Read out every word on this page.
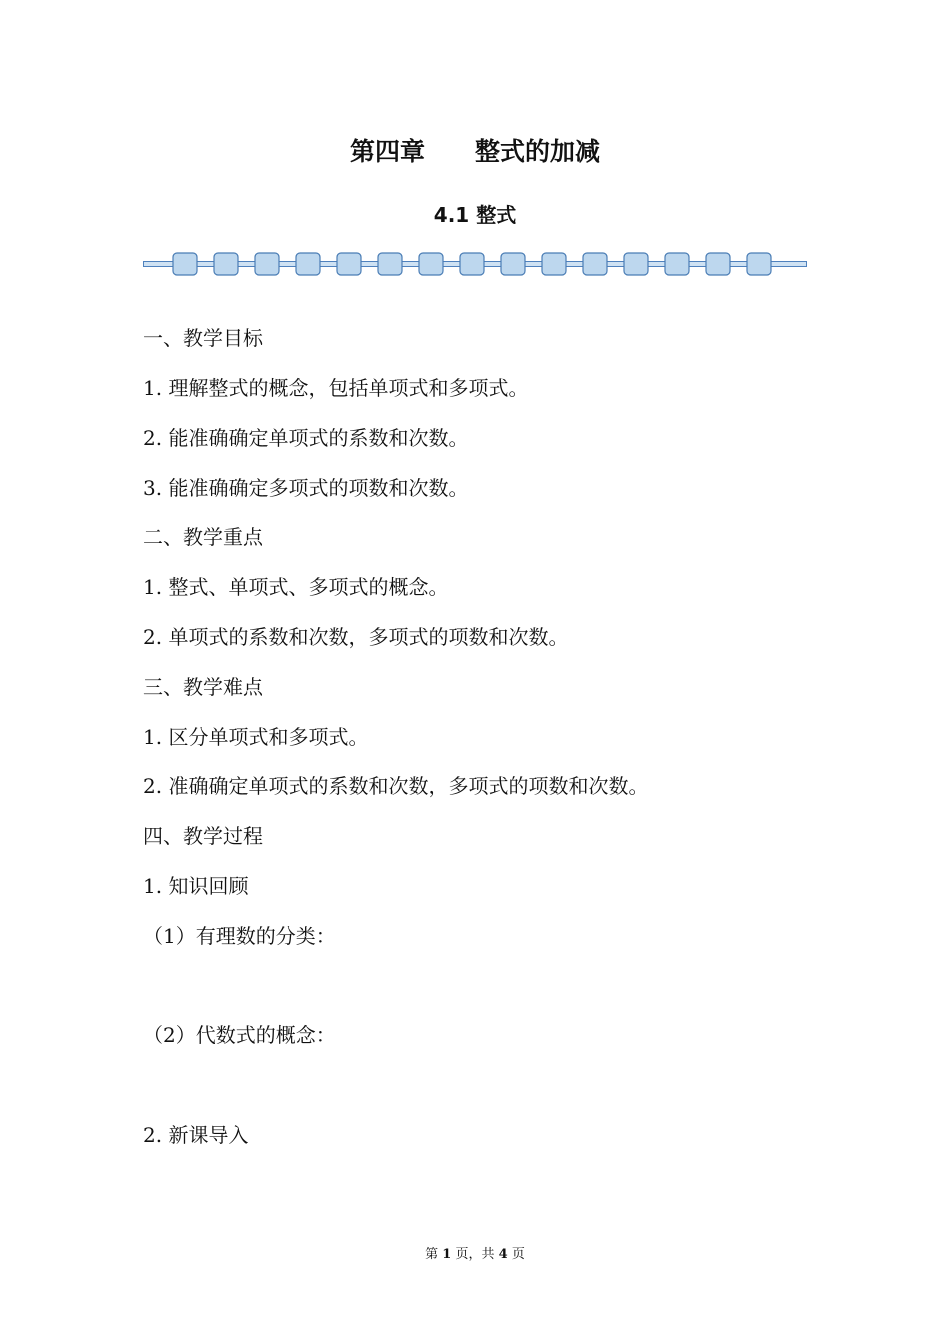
第四章　　整式的加减
4.1 整式
一、教学目标
1. 理解整式的概念，包括单项式和多项式。
2. 能准确确定单项式的系数和次数。
3. 能准确确定多项式的项数和次数。
二、教学重点
1. 整式、单项式、多项式的概念。
2. 单项式的系数和次数，多项式的项数和次数。
三、教学难点
1. 区分单项式和多项式。
2. 准确确定单项式的系数和次数，多项式的项数和次数。
四、教学过程
1. 知识回顾
（1）有理数的分类：
（2）代数式的概念：
2. 新课导入
第 1 页，共 4 页
